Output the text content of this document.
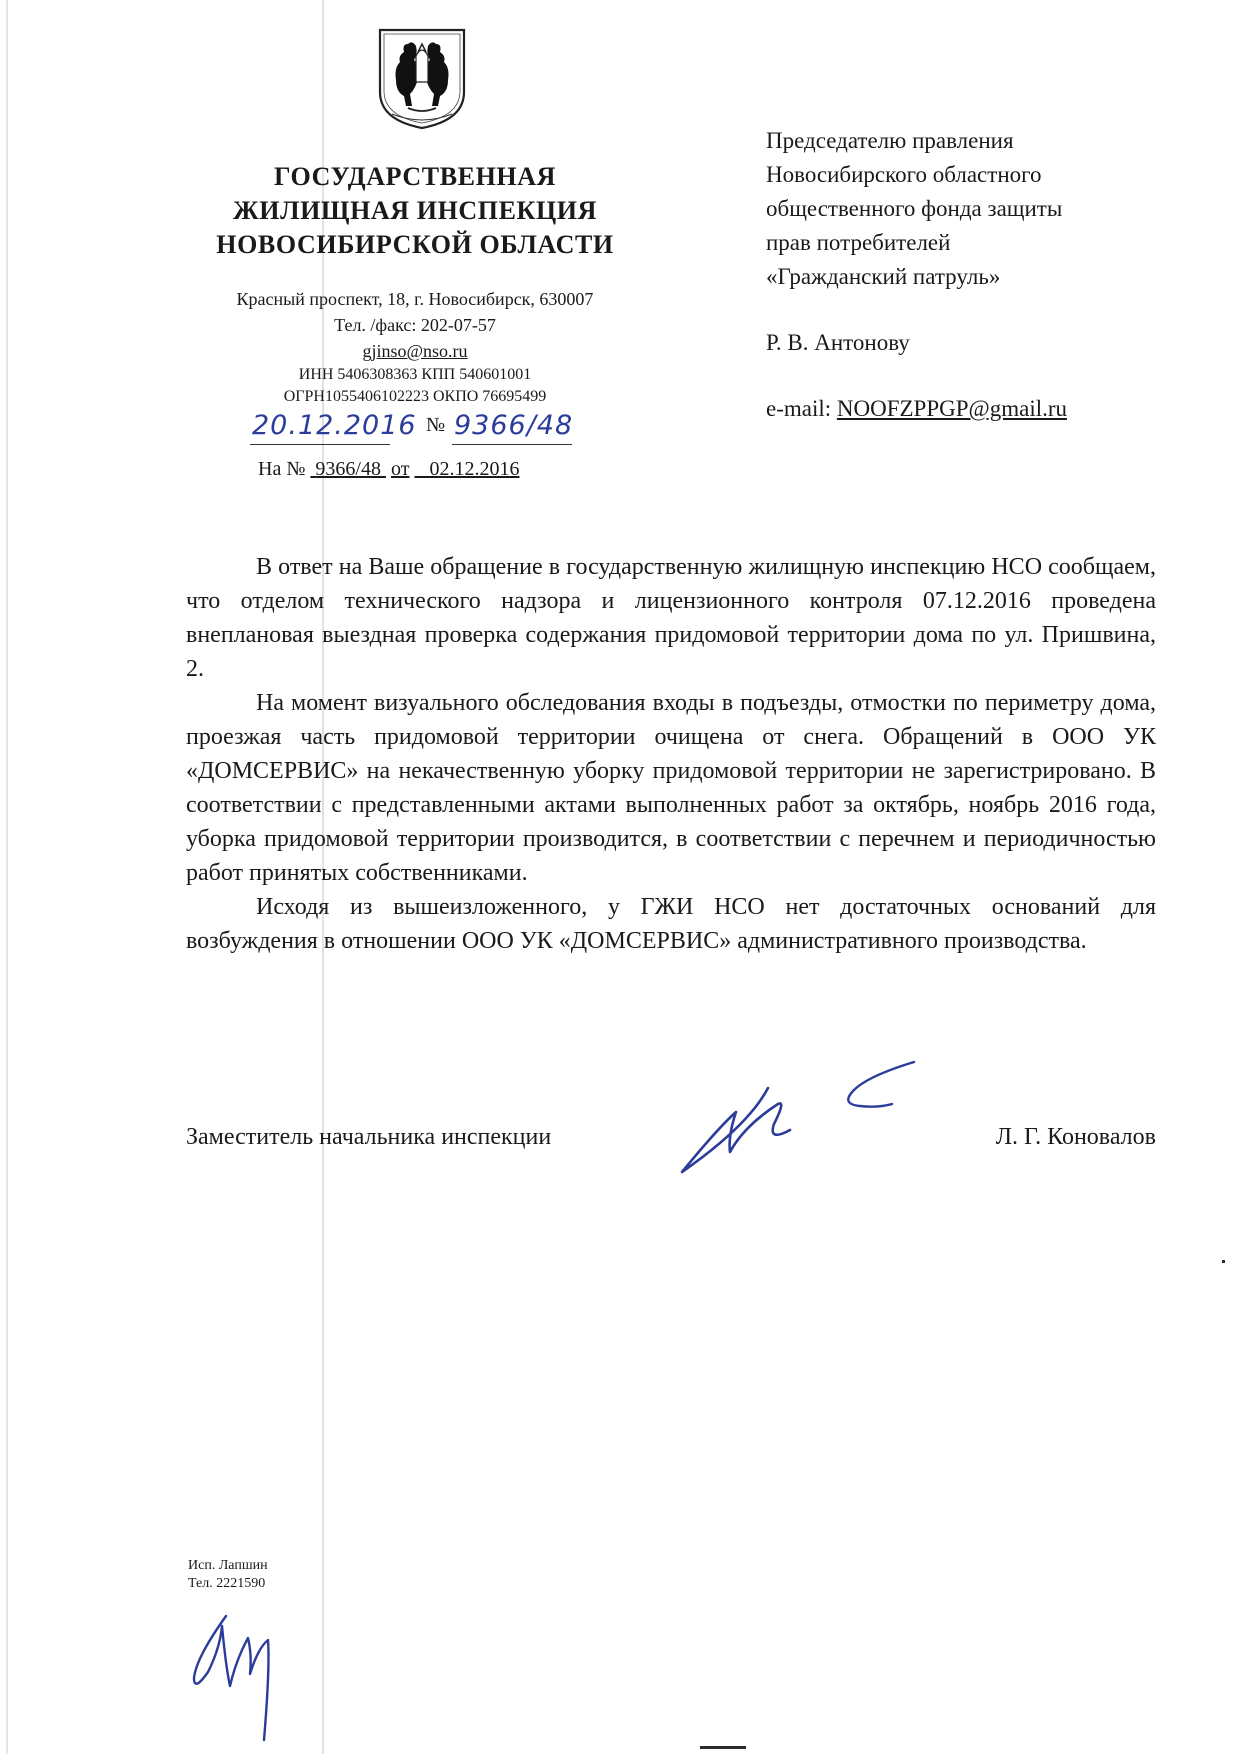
ГОСУДАРСТВЕННАЯ
ЖИЛИЩНАЯ ИНСПЕКЦИЯ
НОВОСИБИРСКОЙ ОБЛАСТИ
Красный проспект, 18, г. Новосибирск, 630007
Тел. /факс: 202-07-57
gjinso@nso.ru
ИНН 5406308363 КПП 540601001
ОГРН1055406102223 ОКПО 76695499
20.12.2016 № 9366/48
На № 9366/48 от 02.12.2016
Председателю правления
Новосибирского областного
общественного фонда защиты
прав потребителей
«Гражданский патруль»
Р. В. Антонову
e-mail: NOOFZPPGP@gmail.ru

В ответ на Ваше обращение в государственную жилищную инспекцию НСО сообщаем, что отделом технического надзора и лицензионного контроля 07.12.2016 проведена внеплановая выездная проверка содержания придомовой территории дома по ул. Пришвина, 2.

На момент визуального обследования входы в подъезды, отмостки по периметру дома, проезжая часть придомовой территории очищена от снега. Обращений в ООО УК «ДОМСЕРВИС» на некачественную уборку придомовой территории не зарегистрировано. В соответствии с представленными актами выполненных работ за октябрь, ноябрь 2016 года, уборка придомовой территории производится, в соответствии с перечнем и периодичностью работ принятых собственниками.

Исходя из вышеизложенного, у ГЖИ НСО нет достаточных оснований для возбуждения в отношении ООО УК «ДОМСЕРВИС» административного производства.

Заместитель начальника инспекции	Л. Г. Коновалов
Исп. Лапшин
Тел. 2221590
